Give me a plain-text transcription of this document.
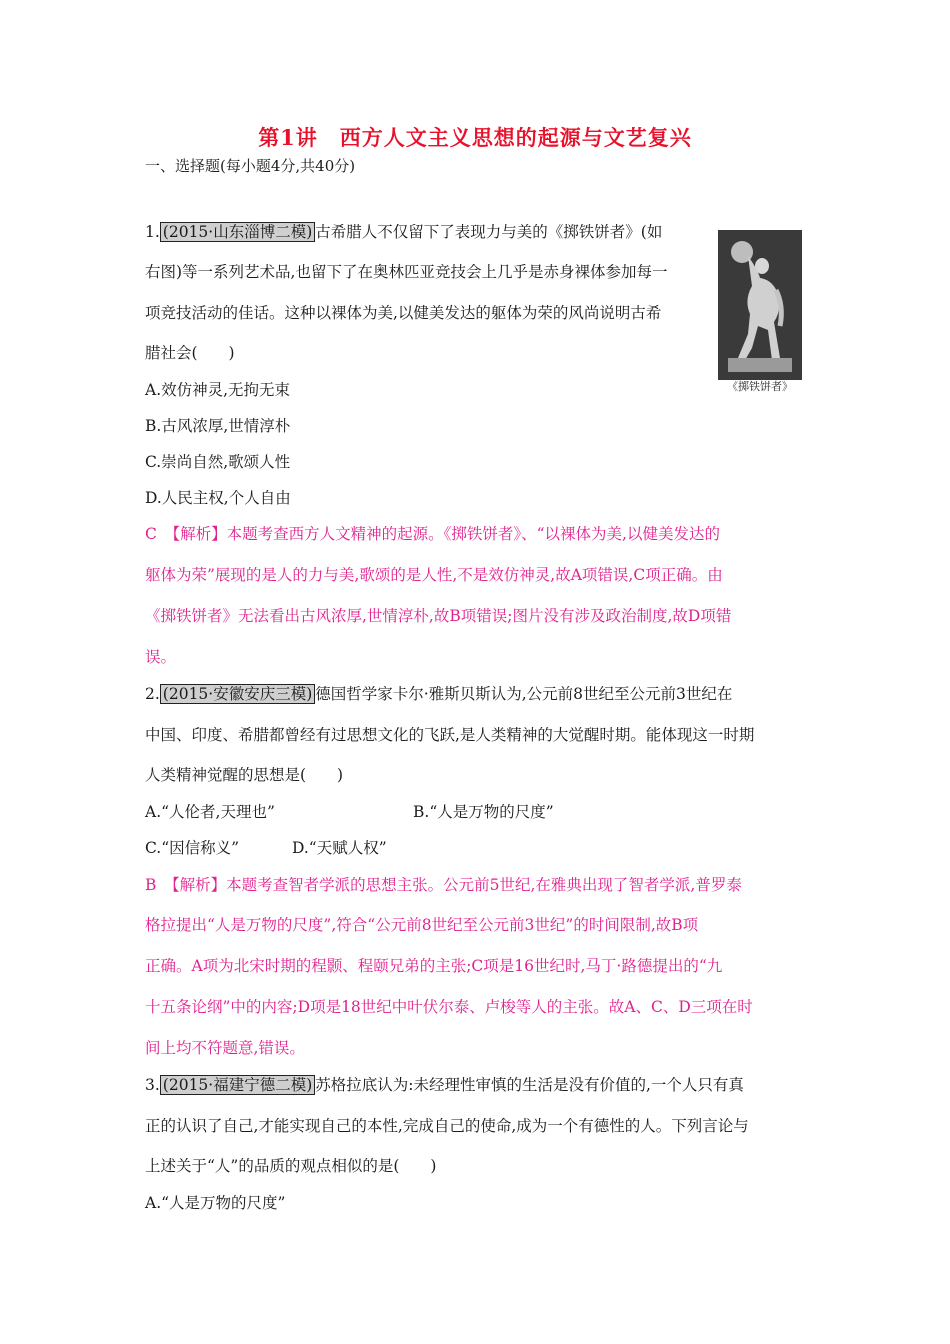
第1讲　西方人文主义思想的起源与文艺复兴
一、选择题(每小题4分,共40分)
《掷铁饼者》
1. (2015·山东淄博二模) 古希腊人不仅留下了表现力与美的《掷铁饼者》(如
右图)等一系列艺术品,也留下了在奥林匹亚竞技会上几乎是赤身裸体参加每一
项竞技活动的佳话。这种以裸体为美,以健美发达的躯体为荣的风尚说明古希
腊社会(　　)
A.效仿神灵,无拘无束
B.古风浓厚,世情淳朴
C.崇尚自然,歌颂人性
D.人民主权,个人自由
C　【解析】本题考查西方人文精神的起源。《掷铁饼者》、“以裸体为美,以健美发达的
躯体为荣”展现的是人的力与美,歌颂的是人性,不是效仿神灵,故A项错误,C项正确。由
《掷铁饼者》无法看出古风浓厚,世情淳朴,故B项错误;图片没有涉及政治制度,故D项错
误。
2. (2015·安徽安庆三模) 德国哲学家卡尔·雅斯贝斯认为,公元前8世纪至公元前3世纪在
中国、印度、希腊都曾经有过思想文化的飞跃,是人类精神的大觉醒时期。能体现这一时期
人类精神觉醒的思想是(　　)
A.“人伦者,天理也”	B.“人是万物的尺度”
C.“因信称义”	D.“天赋人权”
B　【解析】本题考查智者学派的思想主张。公元前5世纪,在雅典出现了智者学派,普罗泰
格拉提出“人是万物的尺度”,符合“公元前8世纪至公元前3世纪”的时间限制,故B项
正确。A项为北宋时期的程颢、程颐兄弟的主张;C项是16世纪时,马丁·路德提出的“九
十五条论纲”中的内容;D项是18世纪中叶伏尔泰、卢梭等人的主张。故A、C、D三项在时
间上均不符题意,错误。
3. (2015·福建宁德二模) 苏格拉底认为:未经理性审慎的生活是没有价值的,一个人只有真
正的认识了自己,才能实现自己的本性,完成自己的使命,成为一个有德性的人。下列言论与
上述关于“人”的品质的观点相似的是(　　)
A.“人是万物的尺度”
